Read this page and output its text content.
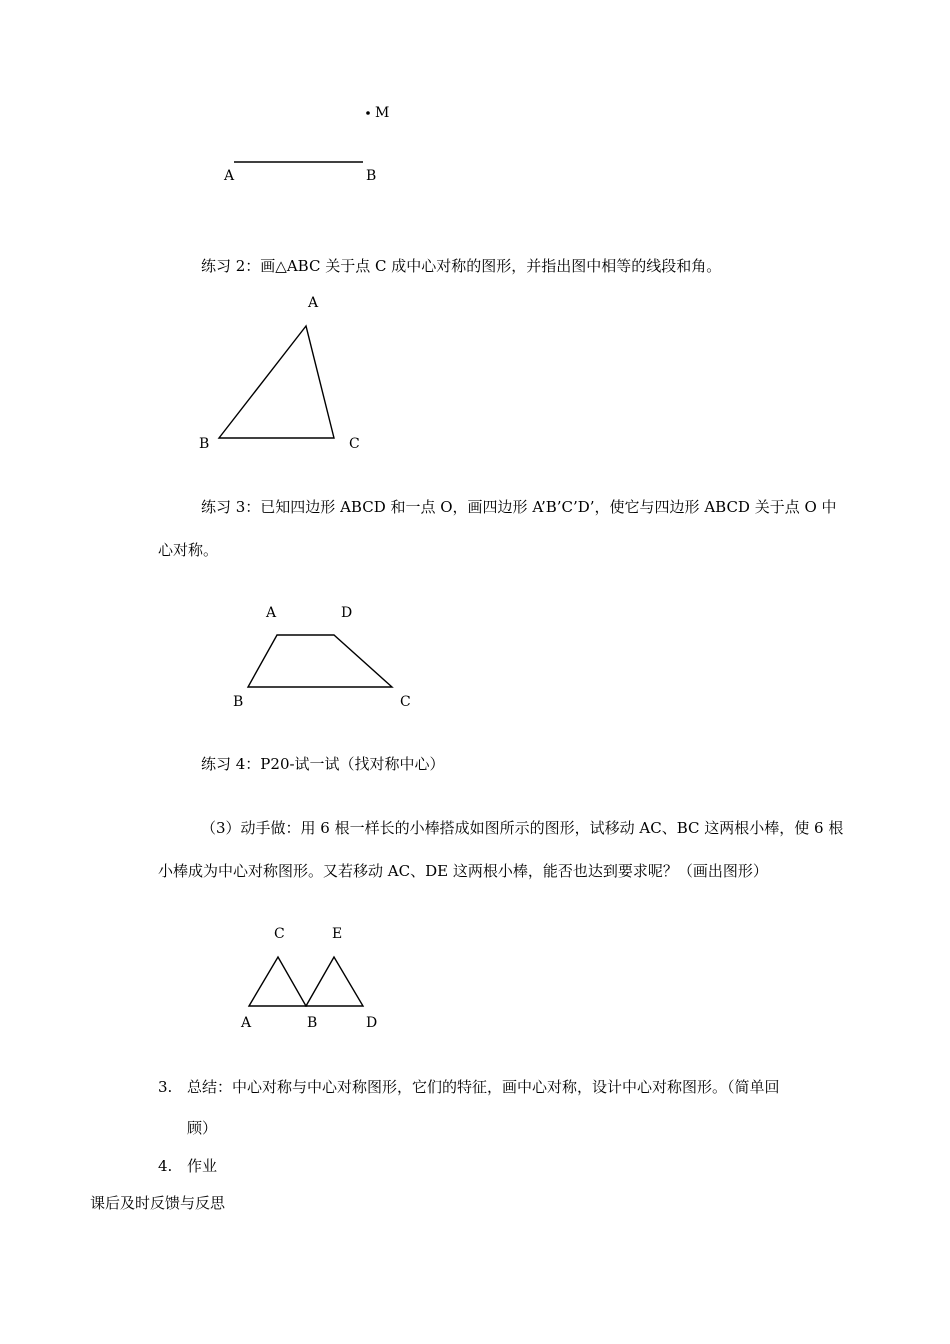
M
A	B
练习 2：画△ABC 关于点 C 成中心对称的图形，并指出图中相等的线段和角。
A
B	C
练习 3：已知四边形 ABCD 和一点 O，画四边形 A’B’C’D’，使它与四边形 ABCD 关于点 O 中
心对称。
A	D
B	C
练习 4：P20-试一试（找对称中心）
（3）动手做：用 6 根一样长的小棒搭成如图所示的图形，试移动 AC、BC 这两根小棒，使 6 根
小棒成为中心对称图形。又若移动 AC、DE 这两根小棒，能否也达到要求呢？（画出图形）
C	E
A	B	D
3. 总结：中心对称与中心对称图形，它们的特征，画中心对称，设计中心对称图形。（简单回
顾）
4. 作业
课后及时反馈与反思
